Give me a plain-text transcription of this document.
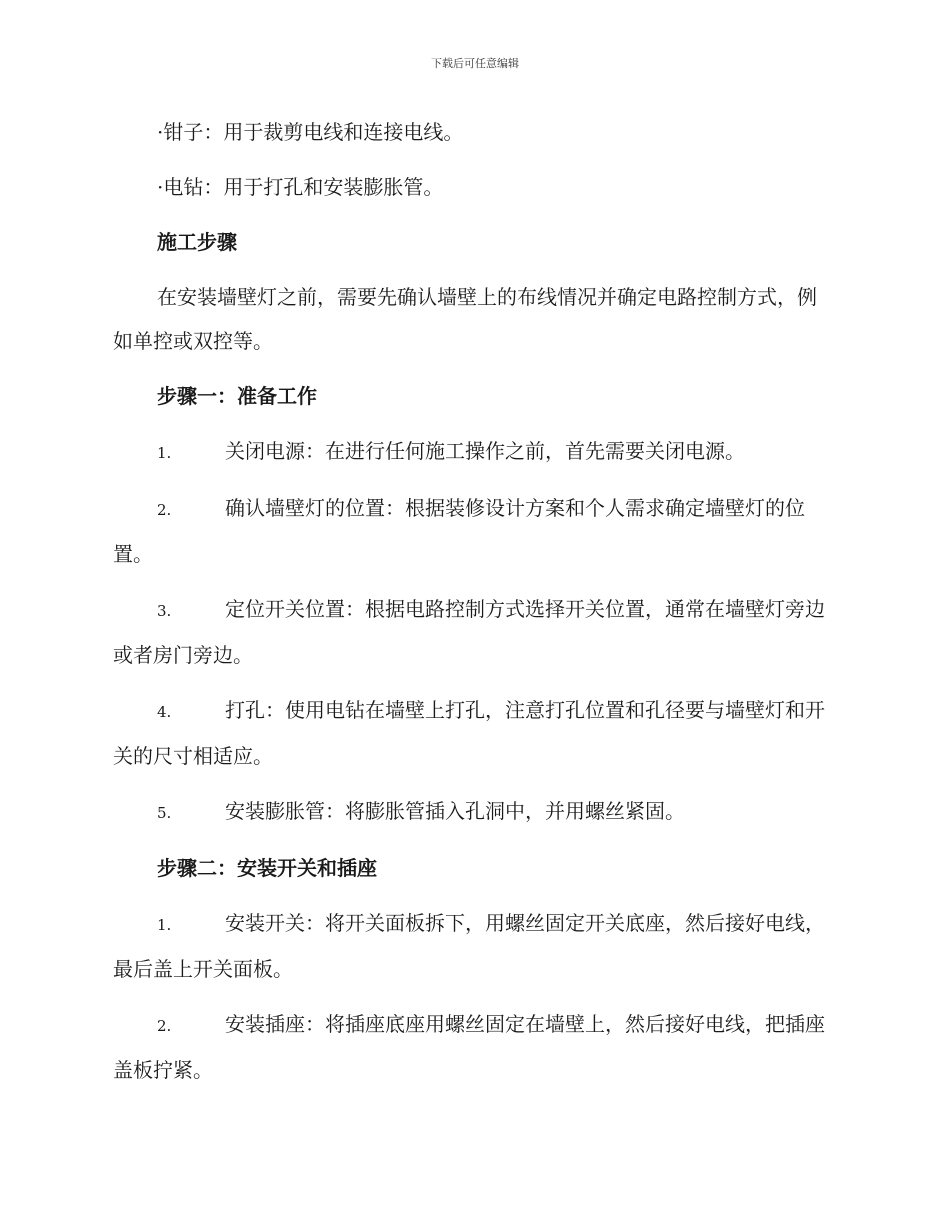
下载后可任意编辑
·钳子：用于裁剪电线和连接电线。
·电钻：用于打孔和安装膨胀管。
施工步骤
在安装墙壁灯之前，需要先确认墙壁上的布线情况并确定电路控制方式，例如单控或双控等。
步骤一：准备工作
1.	关闭电源：在进行任何施工操作之前，首先需要关闭电源。
2.	确认墙壁灯的位置：根据装修设计方案和个人需求确定墙壁灯的位置。
3.	定位开关位置：根据电路控制方式选择开关位置，通常在墙壁灯旁边或者房门旁边。
4.	打孔：使用电钻在墙壁上打孔，注意打孔位置和孔径要与墙壁灯和开关的尺寸相适应。
5.	安装膨胀管：将膨胀管插入孔洞中，并用螺丝紧固。
步骤二：安装开关和插座
1.	安装开关：将开关面板拆下，用螺丝固定开关底座，然后接好电线，最后盖上开关面板。
2.	安装插座：将插座底座用螺丝固定在墙壁上，然后接好电线，把插座盖板拧紧。
